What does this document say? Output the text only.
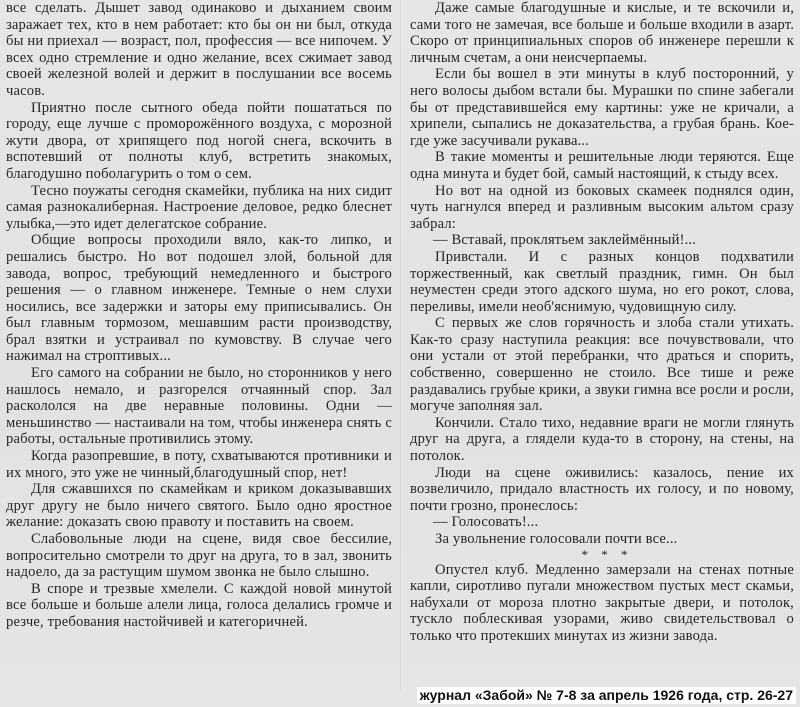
все сделать. Дышет завод одинаково и дыханием своим заражает тех, кто в нем работает: кто бы он ни был, откуда бы ни приехал — возраст, пол, профессия — все нипочем. У всех одно стремление и одно желание, всех сжимает завод своей железной волей и держит в послушании все восемь часов.

Приятно после сытного обеда пойти пошататься по городу, еще лучше с проморожённого воздуха, с морозной жути двора, от хрипящего под ногой снега, вскочить в вспотевший от полноты клуб, встретить знакомых, благодушно поболагурить о том о сем.

Тесно поужаты сегодня скамейки, публика на них сидит самая разнокалиберная. Настроение деловое, редко блеснет улыбка,—это идет делегатское собрание.

Общие вопросы проходили вяло, как-то липко, и решались быстро. Но вот подошел злой, больной для завода, вопрос, требующий немедленного и быстрого решения — о главном инженере. Темные о нем слухи носились, все задержки и заторы ему приписывались. Он был главным тормозом, мешавшим расти производству, брал взятки и устраивал по кумовству. В случае чего нажимал на строптивых...

Его самого на собрании не было, но сторонников у него нашлось немало, и разгорелся отчаянный спор. Зал раскололся на две неравные половины. Одни — меньшинство — настаивали на том, чтобы инженера снять с работы, остальные противились этому.

Когда разопревшие, в поту, схватываются противники и их много, это уже не чинный,благодушный спор, нет!

Для сжавшихся по скамейкам и криком доказывавших друг другу не было ничего святого. Было одно яростное желание: доказать свою правоту и поставить на своем.

Слабовольные люди на сцене, видя свое бессилие, вопросительно смотрели то друг на друга, то в зал, звонить надоело, да за растущим шумом звонка не было слышно.

В споре и трезвые хмелели. С каждой новой минутой все больше и больше алели лица, голоса делались громче и резче, требования настойчивей и категоричней.

Даже самые благодушные и кислые, и те вскочили и, сами того не замечая, все больше и больше входили в азарт. Скоро от принципиальных споров об инженере перешли к личным счетам, а они неисчерпаемы.

Если бы вошел в эти минуты в клуб посторонний, у него волосы дыбом встали бы. Мурашки по спине забегали бы от представившейся ему картины: уже не кричали, а хрипели, сыпались не доказательства, а грубая брань. Кое-где уже засучивали рукава...

В такие моменты и решительные люди теряются. Еще одна минута и будет бой, самый настоящий, к стыду всех.

Но вот на одной из боковых скамеек поднялся один, чуть нагнулся вперед и разливным высоким альтом сразу забрал:

— Вставай, проклятьем заклеймённый!...

Привстали. И с разных концов подхватили торжественный, как светлый праздник, гимн. Он был неуместен среди этого адского шума, но его рокот, слова, переливы, имели необ'яснимую, чудовищную силу.

С первых же слов горячность и злоба стали утихать. Как-то сразу наступила реакция: все почувствовали, что они устали от этой перебранки, что драться и спорить, собственно, совершенно не стоило. Все тише и реже раздавались грубые крики, а звуки гимна все росли и росли, могуче заполняя зал.

Кончили. Стало тихо, недавние враги не могли глянуть друг на друга, а глядели куда-то в сторону, на стены, на потолок.

Люди на сцене оживились: казалось, пение их возвеличило, придало властность их голосу, и по новому, почти грозно, пронеслось:

— Голосовать!...

За увольнение голосовали почти все...

* * *

Опустел клуб. Медленно замерзали на стенах потные капли, сиротливо пугали множеством пустых мест скамьи, набухали от мороза плотно закрытые двери, и потолок, тускло поблескивая узорами, живо свидетельствовал о только что протекших минутах из жизни завода.

журнал «Забой» № 7-8 за апрель 1926 года, стр. 26-27
